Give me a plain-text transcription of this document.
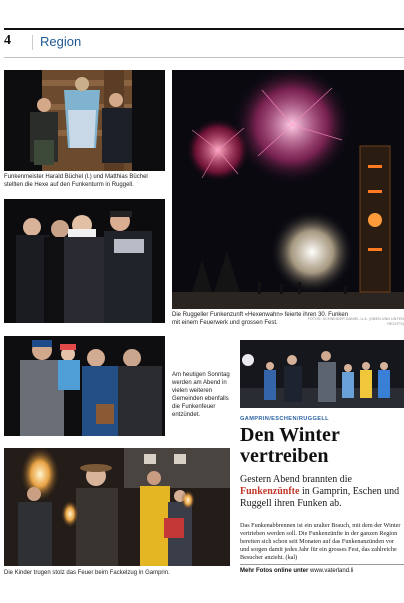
4 Region
Funkenmeister Harald Büchel (l.) und Matthias Büchel stellten die Hexe auf den Funkenturm in Ruggell.
FOTOS: SCHNEIDER DANIEL U.A. (OBEN UND UNTEN RECHTS)
Die Ruggeller Funkenzunft «Hexenwahn» feierte ihren 30. Funken mit einem Feuerwerk und grossen Fest.
Am heutigen Sonntag werden am Abend in vielen weiteren Gemeinden ebenfalls die Funkenfeuer entzündet.
Die Kinder trugen stolz das Feuer beim Fackelzug in Gamprin.
GAMPRIN/ESCHEN/RUGGELL
Den Winter
vertreiben
Gestern Abend brannten die Funkenzünfte in Gamprin, Eschen und Ruggell ihren Funken ab.
Das Funkenabbrennen ist ein uralter Brauch, mit dem der Winter vertrieben werden soll. Die Funkenzünfte in der ganzen Region bereiten sich schon seit Monaten auf das Funkenanzünden vor und sorgen damit jedes Jahr für ein grosses Fest, das zahlreiche Besucher anzieht. (kal)
Mehr Fotos online unter www.vaterland.li
